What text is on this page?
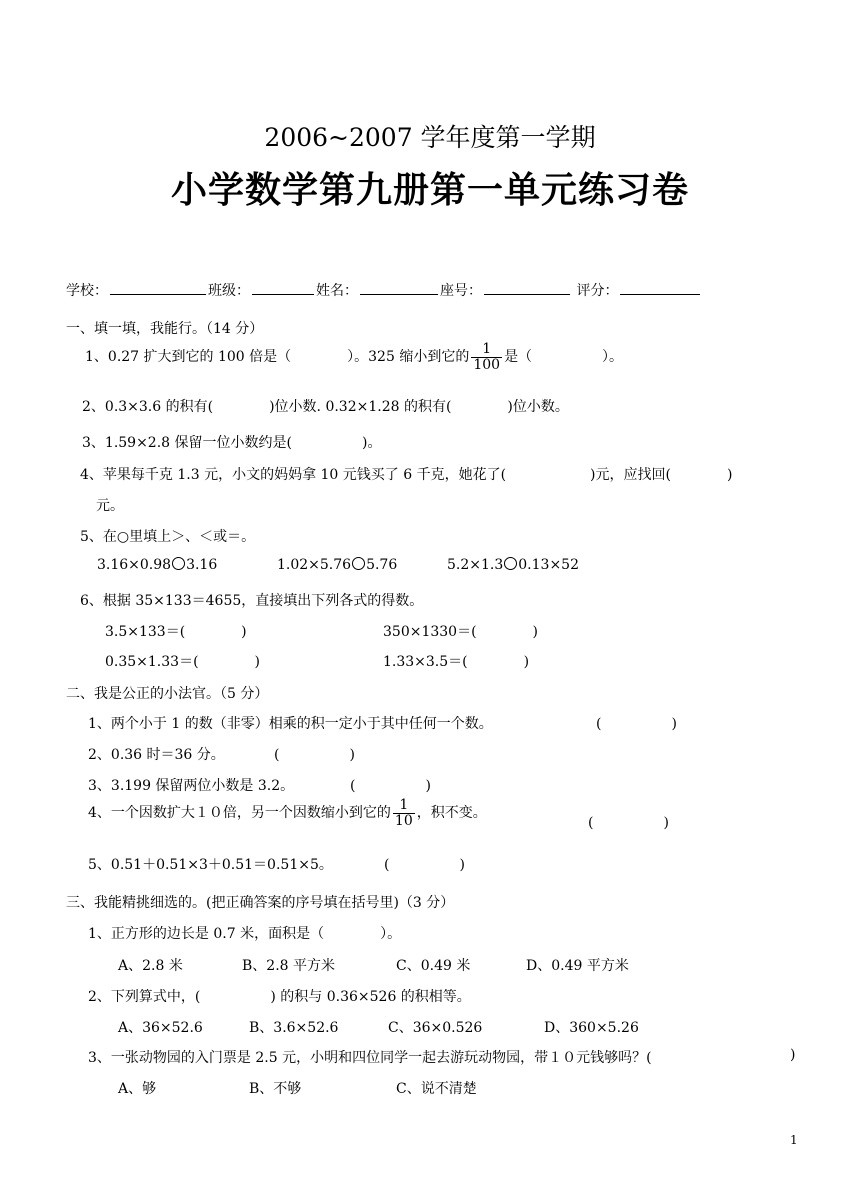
2006~2007 学年度第一学期
小学数学第九册第一单元练习卷
学校：	班级：	姓名：	座号：	评分：
一、填一填，我能行。（14 分）
1、0.27 扩大到它的 100 倍是（　　　　）。325 缩小到它的 $\frac{1}{100}$ 是（　　　　　）。
2、0.3×3.6 的积有(　　　　)位小数. 0.32×1.28 的积有(　　　　)位小数。
3、1.59×2.8 保留一位小数约是(　　　　　)。
4、苹果每千克 1.3 元，小文的妈妈拿 10 元钱买了 6 千克，她花了(　　　　　　)元，应找回(　　　　)
元。
5、在○里填上＞、＜或＝。
3.16×0.98 3.16	1.02×5.76 5.76	5.2×1.3 0.13×52
6、根据 35×133＝4655，直接填出下列各式的得数。
3.5×133＝(　　　　)	350×1330＝(　　　　)
0.35×1.33＝(　　　　)	1.33×3.5＝(　　　　)
二、我是公正的小法官。（5 分）
1、两个小于 1 的数（非零）相乘的积一定小于其中任何一个数。	(　　　　　)
2、0.36 时＝36 分。	(　　　　　)
3、3.199 保留两位小数是 3.2。	(　　　　　)
4、一个因数扩大１０倍，另一个因数缩小到它的 $\frac{1}{10}$ ，积不变。
(　　　　　)
5、0.51＋0.51×3＋0.51＝0.51×5。	(　　　　　)
三、我能精挑细选的。(把正确答案的序号填在括号里)（3 分）
1、正方形的边长是 0.7 米，面积是（　　　　）。
A、2.8 米	B、2.8 平方米	C、0.49 米	D、0.49 平方米
2、下列算式中，(　　　　　) 的积与 0.36×526 的积相等。
A、36×52.6	B、3.6×52.6	C、36×0.526	D、360×5.26
3、一张动物园的入门票是 2.5 元，小明和四位同学一起去游玩动物园，带１０元钱够吗？(	)
A、够	B、不够	C、说不清楚
1
